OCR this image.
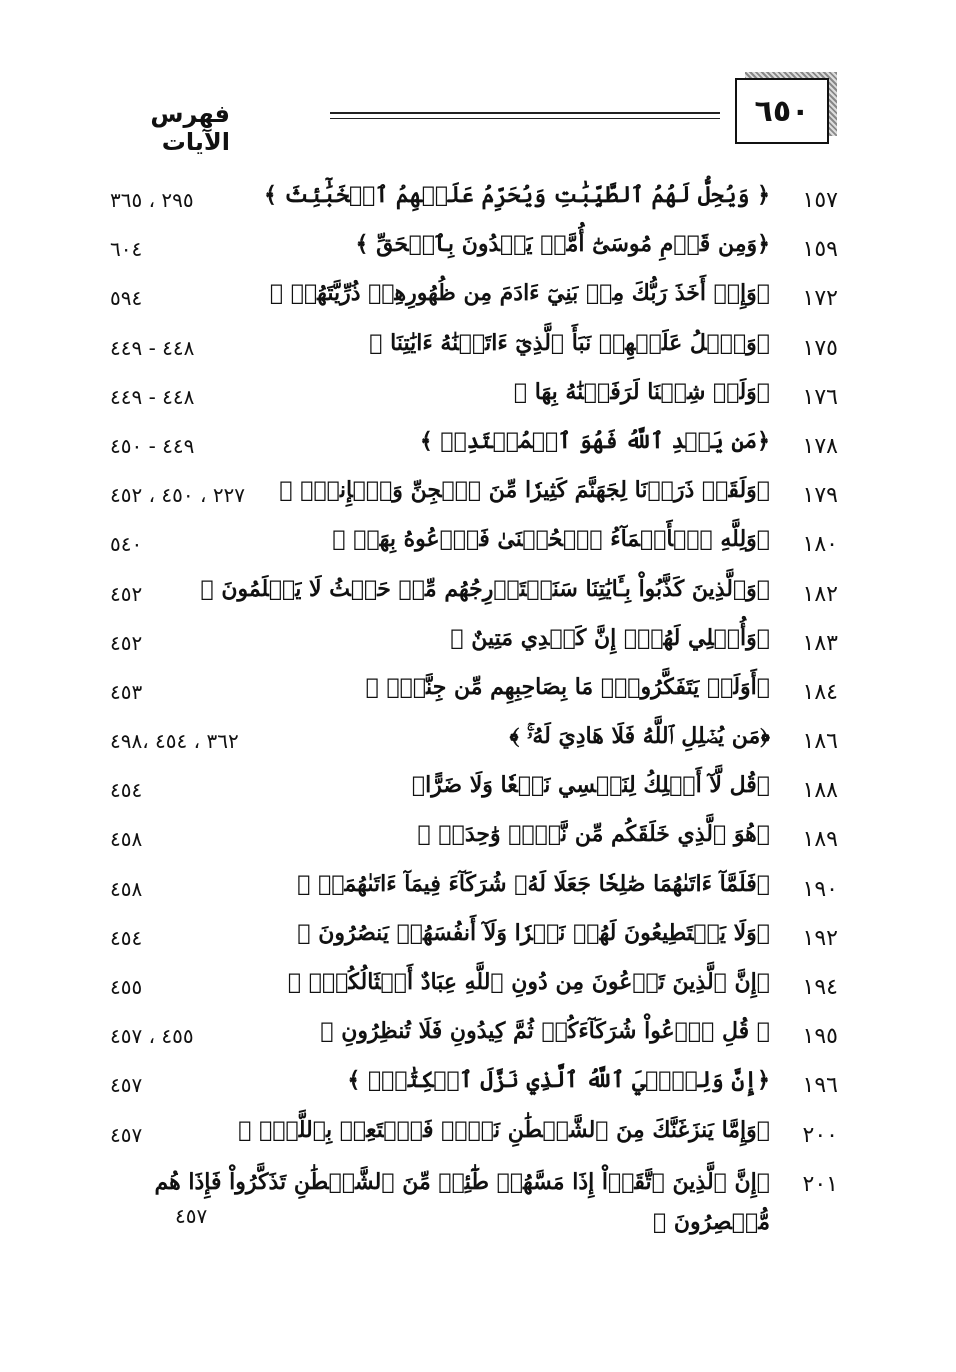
٦٥٠
فهرس الآيات
١٥٧
﴿ وَيُحِلُّ لَهُمُ ٱلطَّيِّبَٰتِ وَيُحَرِّمُ عَلَيۡهِمُ ٱلۡخَبَٰٓئِثَ ﴾
٢٩٥ ، ٣٦٥
١٥٩
﴿وَمِن قَوۡمِ مُوسَىٰٓ أُمَّةٞ يَهۡدُونَ بِٱلۡحَقِّ ﴾
٦٠٤
١٧٢
﴿وَإِذۡ أَخَذَ رَبُّكَ مِنۢ بَنِيٓ ءَادَمَ مِن ظُهُورِهِمۡ ذُرِّيَّتَهُمۡ ﴾
٥٩٤
١٧٥
﴿وَٱتۡلُ عَلَيۡهِمۡ نَبَأَ ٱلَّذِيٓ ءَاتَيۡنَٰهُ ءَايَٰتِنَا ﴾
٤٤٨ - ٤٤٩
١٧٦
﴿وَلَوۡ شِئۡنَا لَرَفَعۡنَٰهُ بِهَا ﴾
٤٤٨ - ٤٤٩
١٧٨
﴿مَن يَهۡدِ ٱللَّهُ فَهُوَ ٱلۡمُهۡتَدِيۖ ﴾
٤٤٩ - ٤٥٠
١٧٩
﴿وَلَقَدۡ ذَرَأۡنَا لِجَهَنَّمَ كَثِيرٗا مِّنَ ٱلۡجِنِّ وَٱلۡإِنسِۖ ﴾
٢٢٧ ، ٤٥٠ ، ٤٥٢
١٨٠
﴿وَلِلَّهِ ٱلۡأَسۡمَآءُ ٱلۡحُسۡنَىٰ فَٱدۡعُوهُ بِهَاۖ ﴾
٥٤٠
١٨٢
﴿وَٱلَّذِينَ كَذَّبُواْ بِـَٔايَٰتِنَا سَنَسۡتَدۡرِجُهُم مِّنۡ حَيۡثُ لَا يَعۡلَمُونَ ﴾
٤٥٢
١٨٣
﴿وَأُمۡلِي لَهُمۡۚ إِنَّ كَيۡدِي مَتِينٌ ﴾
٤٥٢
١٨٤
﴿أَوَلَمۡ يَتَفَكَّرُواْۗ مَا بِصَاحِبِهِم مِّن جِنَّةٍۚ ﴾
٤٥٣
١٨٦
﴿مَن يُضۡلِلِ ٱللَّهُ فَلَا هَادِيَ لَهُۥۚ ﴾
٣٦٢ ، ٤٥٤ ،٤٩٨
١٨٨
﴿قُل لَّآ أَمۡلِكُ لِنَفۡسِي نَفۡعٗا وَلَا ضَرًّا﴾
٤٥٤
١٨٩
﴿هُوَ ٱلَّذِي خَلَقَكُم مِّن نَّفۡسٖ وَٰحِدَةٖ ﴾
٤٥٨
١٩٠
﴿فَلَمَّآ ءَاتَىٰهُمَا صَٰلِحٗا جَعَلَا لَهُۥ شُرَكَآءَ فِيمَآ ءَاتَىٰهُمَاۚ ﴾
٤٥٨
١٩٢
﴿وَلَا يَسۡتَطِيعُونَ لَهُمۡ نَصۡرٗا وَلَآ أَنفُسَهُمۡ يَنصُرُونَ ﴾
٤٥٤
١٩٤
﴿إِنَّ ٱلَّذِينَ تَدۡعُونَ مِن دُونِ ٱللَّهِ عِبَادٌ أَمۡثَالُكُمۡۖ ﴾
٤٥٥
١٩٥
﴿ قُلِ ٱدۡعُواْ شُرَكَآءَكُمۡ ثُمَّ كِيدُونِ فَلَا تُنظِرُونِ ﴾
٤٥٥ ، ٤٥٧
١٩٦
﴿إِنَّ وَلِـِّۧيَ ٱللَّهُ ٱلَّذِي نَزَّلَ ٱلۡكِتَٰبَۖ ﴾
٤٥٧
٢٠٠
﴿وَإِمَّا يَنزَغَنَّكَ مِنَ ٱلشَّيۡطَٰنِ نَزۡغٞ فَٱسۡتَعِذۡ بِٱللَّهِۚ ﴾
٤٥٧
٢٠١
﴿إِنَّ ٱلَّذِينَ ٱتَّقَوۡاْ إِذَا مَسَّهُمۡ طَٰٓئِفٞ مِّنَ ٱلشَّيۡطَٰنِ تَذَكَّرُواْ فَإِذَا هُم مُّبۡصِرُونَ ﴾
٤٥٧
